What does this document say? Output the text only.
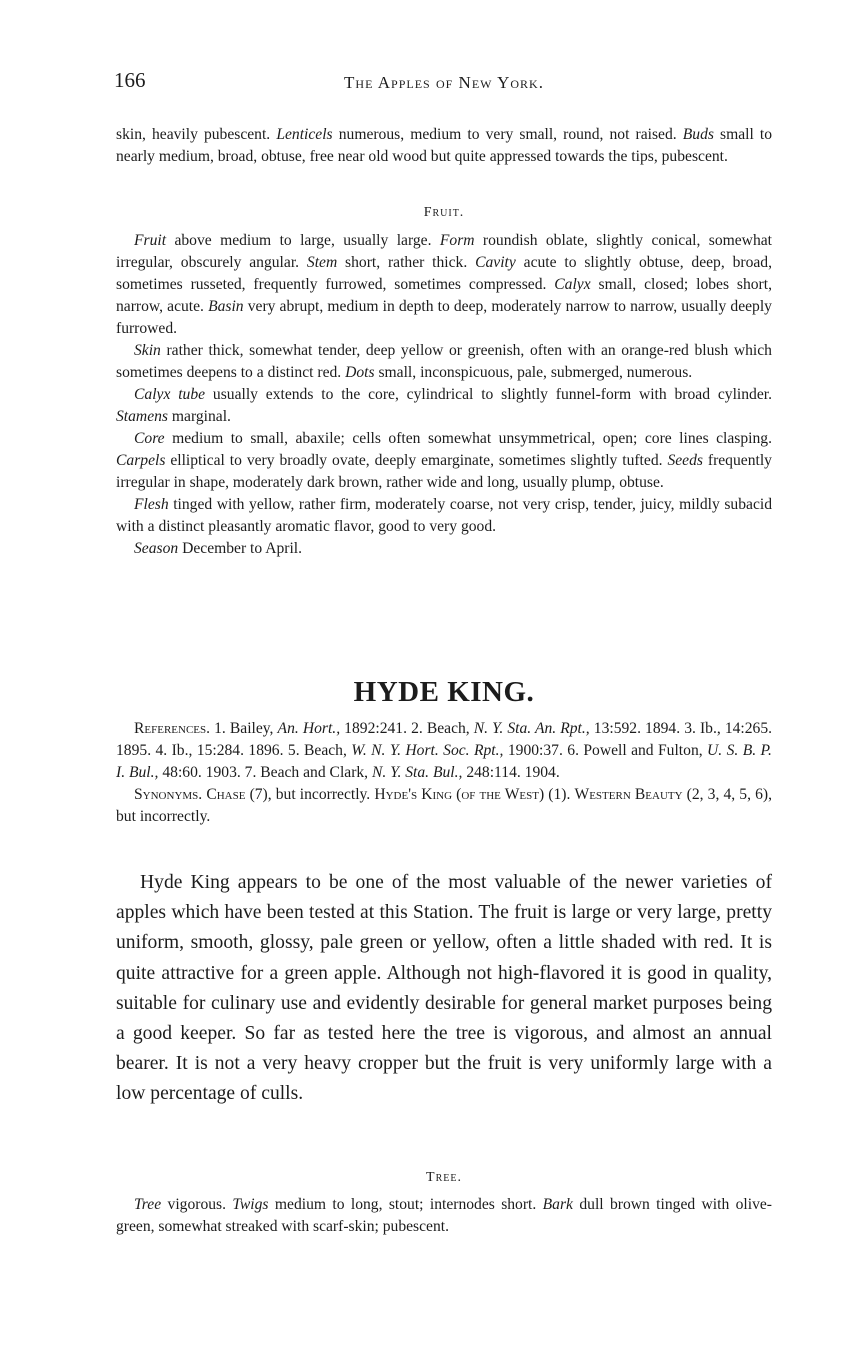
166	The Apples of New York.

skin, heavily pubescent. Lenticels numerous, medium to very small, round, not raised. Buds small to nearly medium, broad, obtuse, free near old wood but quite appressed towards the tips, pubescent.

Fruit.

Fruit above medium to large, usually large. Form roundish oblate, slightly conical, somewhat irregular, obscurely angular. Stem short, rather thick. Cavity acute to slightly obtuse, deep, broad, sometimes russeted, frequently furrowed, sometimes compressed. Calyx small, closed; lobes short, narrow, acute. Basin very abrupt, medium in depth to deep, moderately narrow to narrow, usually deeply furrowed.

Skin rather thick, somewhat tender, deep yellow or greenish, often with an orange-red blush which sometimes deepens to a distinct red. Dots small, inconspicuous, pale, submerged, numerous.

Calyx tube usually extends to the core, cylindrical to slightly funnel-form with broad cylinder. Stamens marginal.

Core medium to small, abaxile; cells often somewhat unsymmetrical, open; core lines clasping. Carpels elliptical to very broadly ovate, deeply emarginate, sometimes slightly tufted. Seeds frequently irregular in shape, moderately dark brown, rather wide and long, usually plump, obtuse.

Flesh tinged with yellow, rather firm, moderately coarse, not very crisp, tender, juicy, mildly subacid with a distinct pleasantly aromatic flavor, good to very good.

Season December to April.

HYDE KING.

References. 1. Bailey, An. Hort., 1892:241. 2. Beach, N. Y. Sta. An. Rpt., 13:592. 1894. 3. Ib., 14:265. 1895. 4. Ib., 15:284. 1896. 5. Beach, W. N. Y. Hort. Soc. Rpt., 1900:37. 6. Powell and Fulton, U. S. B. P. I. Bul., 48:60. 1903. 7. Beach and Clark, N. Y. Sta. Bul., 248:114. 1904.

Synonyms. Chase (7), but incorrectly. Hyde's King (of the West) (1). Western Beauty (2, 3, 4, 5, 6), but incorrectly.

Hyde King appears to be one of the most valuable of the newer varieties of apples which have been tested at this Station. The fruit is large or very large, pretty uniform, smooth, glossy, pale green or yellow, often a little shaded with red. It is quite attractive for a green apple. Although not high-flavored it is good in quality, suitable for culinary use and evidently desirable for general market purposes being a good keeper. So far as tested here the tree is vigorous, and almost an annual bearer. It is not a very heavy cropper but the fruit is very uniformly large with a low percentage of culls.

Tree.

Tree vigorous. Twigs medium to long, stout; internodes short. Bark dull brown tinged with olive-green, somewhat streaked with scarf-skin; pubescent.
